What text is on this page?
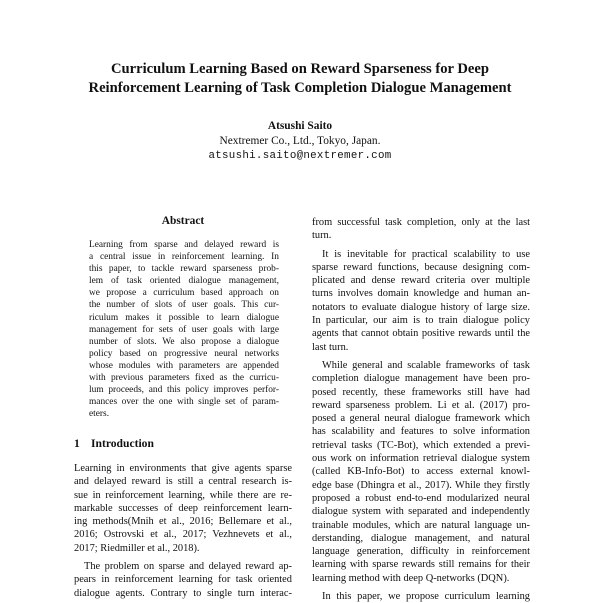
Curriculum Learning Based on Reward Sparseness for Deep
Reinforcement Learning of Task Completion Dialogue Management
Atsushi Saito
Nextremer Co., Ltd., Tokyo, Japan.
atsushi.saito@nextremer.com
Abstract
Learning from sparse and delayed reward is
a central issue in reinforcement learning. In
this paper, to tackle reward sparseness prob-
lem of task oriented dialogue management,
we propose a curriculum based approach on
the number of slots of user goals. This cur-
riculum makes it possible to learn dialogue
management for sets of user goals with large
number of slots. We also propose a dialogue
policy based on progressive neural networks
whose modules with parameters are appended
with previous parameters fixed as the curricu-
lum proceeds, and this policy improves perfor-
mances over the one with single set of param-
eters.
1 Introduction
Learning in environments that give agents sparse
and delayed reward is still a central research is-
sue in reinforcement learning, while there are re-
markable successes of deep reinforcement learn-
ing methods(Mnih et al., 2016; Bellemare et al.,
2016; Ostrovski et al., 2017; Vezhnevets et al.,
2017; Riedmiller et al., 2018).
The problem on sparse and delayed reward ap-
pears in reinforcement learning for task oriented
dialogue agents. Contrary to single turn interac-
from successful task completion, only at the last
turn.
It is inevitable for practical scalability to use
sparse reward functions, because designing com-
plicated and dense reward criteria over multiple
turns involves domain knowledge and human an-
notators to evaluate dialogue history of large size.
In particular, our aim is to train dialogue policy
agents that cannot obtain positive rewards until the
last turn.
While general and scalable frameworks of task
completion dialogue management have been pro-
posed recently, these frameworks still have had
reward sparseness problem. Li et al. (2017) pro-
posed a general neural dialogue framework which
has scalability and features to solve information
retrieval tasks (TC-Bot), which extended a previ-
ous work on information retrieval dialogue system
(called KB-Info-Bot) to access external knowl-
edge base (Dhingra et al., 2017). While they firstly
proposed a robust end-to-end modularized neural
dialogue system with separated and independently
trainable modules, which are natural language un-
derstanding, dialogue management, and natural
language generation, difficulty in reinforcement
learning with sparse rewards still remains for their
learning method with deep Q-networks (DQN).
In this paper, we propose curriculum learning
